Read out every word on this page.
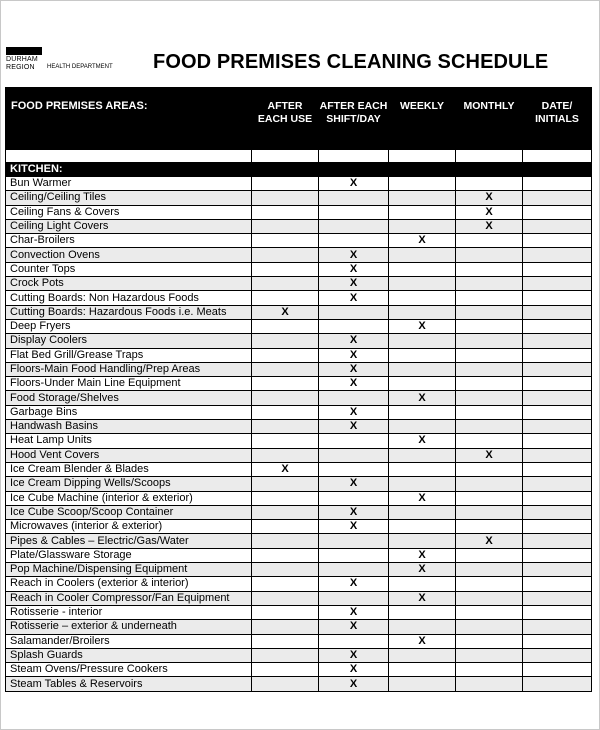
DURHAM
REGION HEALTH DEPARTMENT FOOD PREMISES CLEANING SCHEDULE
FOOD PREMISES AREAS:	AFTER EACH USE	AFTER EACH SHIFT/DAY	WEEKLY	MONTHLY	DATE/ INITIALS

KITCHEN:					
Bun Warmer		X			
Ceiling/Ceiling Tiles				X	
Ceiling Fans & Covers				X	
Ceiling Light Covers				X	
Char-Broilers			X		
Convection Ovens		X			
Counter Tops		X			
Crock Pots		X			
Cutting Boards: Non Hazardous Foods		X			
Cutting Boards: Hazardous Foods i.e. Meats	X				
Deep Fryers			X		
Display Coolers		X			
Flat Bed Grill/Grease Traps		X			
Floors-Main Food Handling/Prep Areas		X			
Floors-Under Main Line Equipment		X			
Food Storage/Shelves			X		
Garbage Bins		X			
Handwash Basins		X			
Heat Lamp Units			X		
Hood Vent Covers				X	
Ice Cream Blender & Blades	X				
Ice Cream Dipping Wells/Scoops		X			
Ice Cube Machine (interior & exterior)			X		
Ice Cube Scoop/Scoop Container		X			
Microwaves (interior & exterior)		X			
Pipes & Cables – Electric/Gas/Water				X	
Plate/Glassware Storage			X		
Pop Machine/Dispensing Equipment			X		
Reach in Coolers (exterior & interior)		X			
Reach in Cooler Compressor/Fan Equipment			X		
Rotisserie - interior		X			
Rotisserie – exterior & underneath		X			
Salamander/Broilers			X		
Splash Guards		X			
Steam Ovens/Pressure Cookers		X			
Steam Tables & Reservoirs		X			
